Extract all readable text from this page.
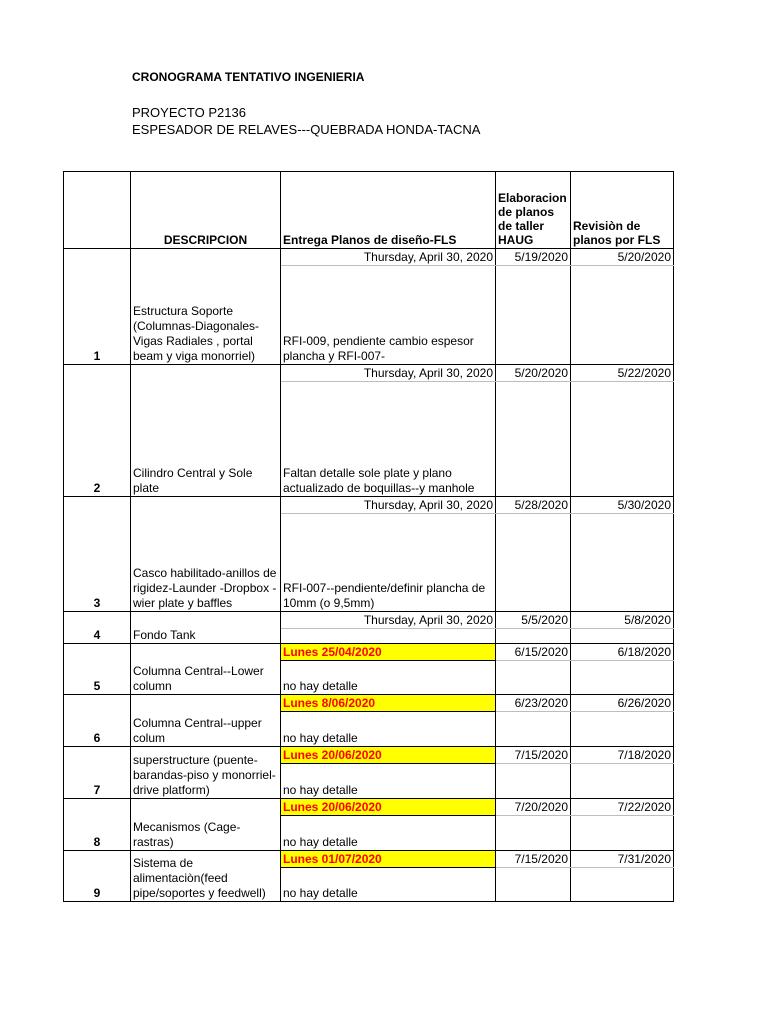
CRONOGRAMA TENTATIVO INGENIERIA
PROYECTO P2136
ESPESADOR DE RELAVES---QUEBRADA HONDA-TACNA
	DESCRIPCION	Entrega Planos de diseño-FLS	Elaboracion de planos de taller HAUG	Revisiòn de planos por FLS
1	Estructura Soporte (Columnas-Diagonales-Vigas Radiales , portal beam y viga monorriel)	Thursday, April 30, 2020	5/19/2020	5/20/2020
		RFI-009, pendiente cambio espesor plancha y RFI-007-		
2	Cilindro Central y Sole plate	Thursday, April 30, 2020	5/20/2020	5/22/2020
		Faltan detalle sole plate y plano actualizado de boquillas--y manhole		
3	Casco habilitado-anillos de rigidez-Launder -Dropbox -wier plate y baffles	Thursday, April 30, 2020	5/28/2020	5/30/2020
		RFI-007--pendiente/definir plancha de 10mm (o 9,5mm)		
4	Fondo Tank	Thursday, April 30, 2020	5/5/2020	5/8/2020

5	Columna Central--Lower column	Lunes 25/04/2020	6/15/2020	6/18/2020
		no hay detalle		
6	Columna Central--upper colum	Lunes 8/06/2020	6/23/2020	6/26/2020
		no hay detalle		
7	superstructure (puente-barandas-piso y monorriel-drive platform)	Lunes 20/06/2020	7/15/2020	7/18/2020
		no hay detalle		
8	Mecanismos (Cage-rastras)	Lunes 20/06/2020	7/20/2020	7/22/2020
		no hay detalle		
9	Sistema de alimentaciòn(feed pipe/soportes y feedwell)	Lunes 01/07/2020	7/15/2020	7/31/2020
		no hay detalle		
